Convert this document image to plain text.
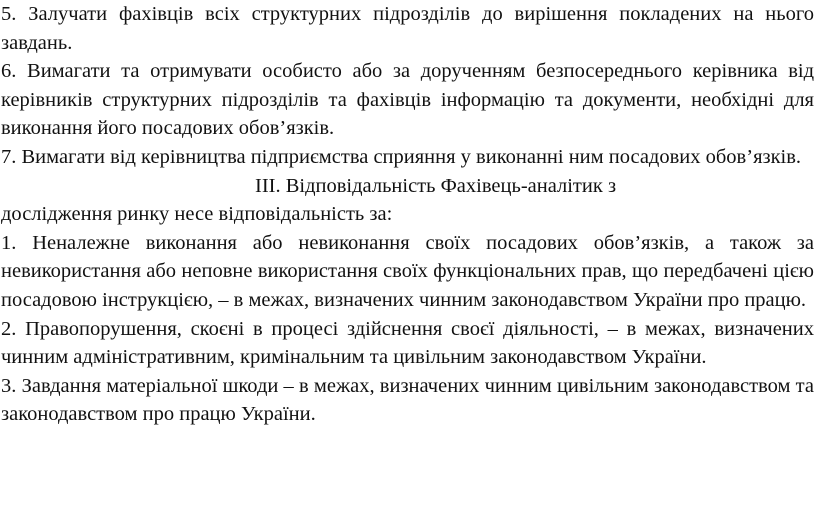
5. Залучати фахівців всіх структурних підрозділів до вирішення покладених на нього завдань.

6. Вимагати та отримувати особисто або за дорученням безпосереднього керівника від керівників структурних підрозділів та фахівців інформацію та документи, необхідні для виконання його посадових обов’язків.

7. Вимагати від керівництва підприємства сприяння у виконанні ним посадових обов’язків.

ІІІ. Відповідальність Фахівець-аналітик з

дослідження ринку несе відповідальність за:

1. Неналежне виконання або невиконання своїх посадових обов’язків, а також за невикористання або неповне використання своїх функціональних прав, що передбачені цією посадовою інструкцією, – в межах, визначених чинним законодавством України про працю.

2. Правопорушення, скоєні в процесі здійснення своєї діяльності, – в межах, визначених чинним адміністративним, кримінальним та цивільним законодавством України.

3. Завдання матеріальної шкоди – в межах, визначених чинним цивільним законодавством та законодавством про працю України.
